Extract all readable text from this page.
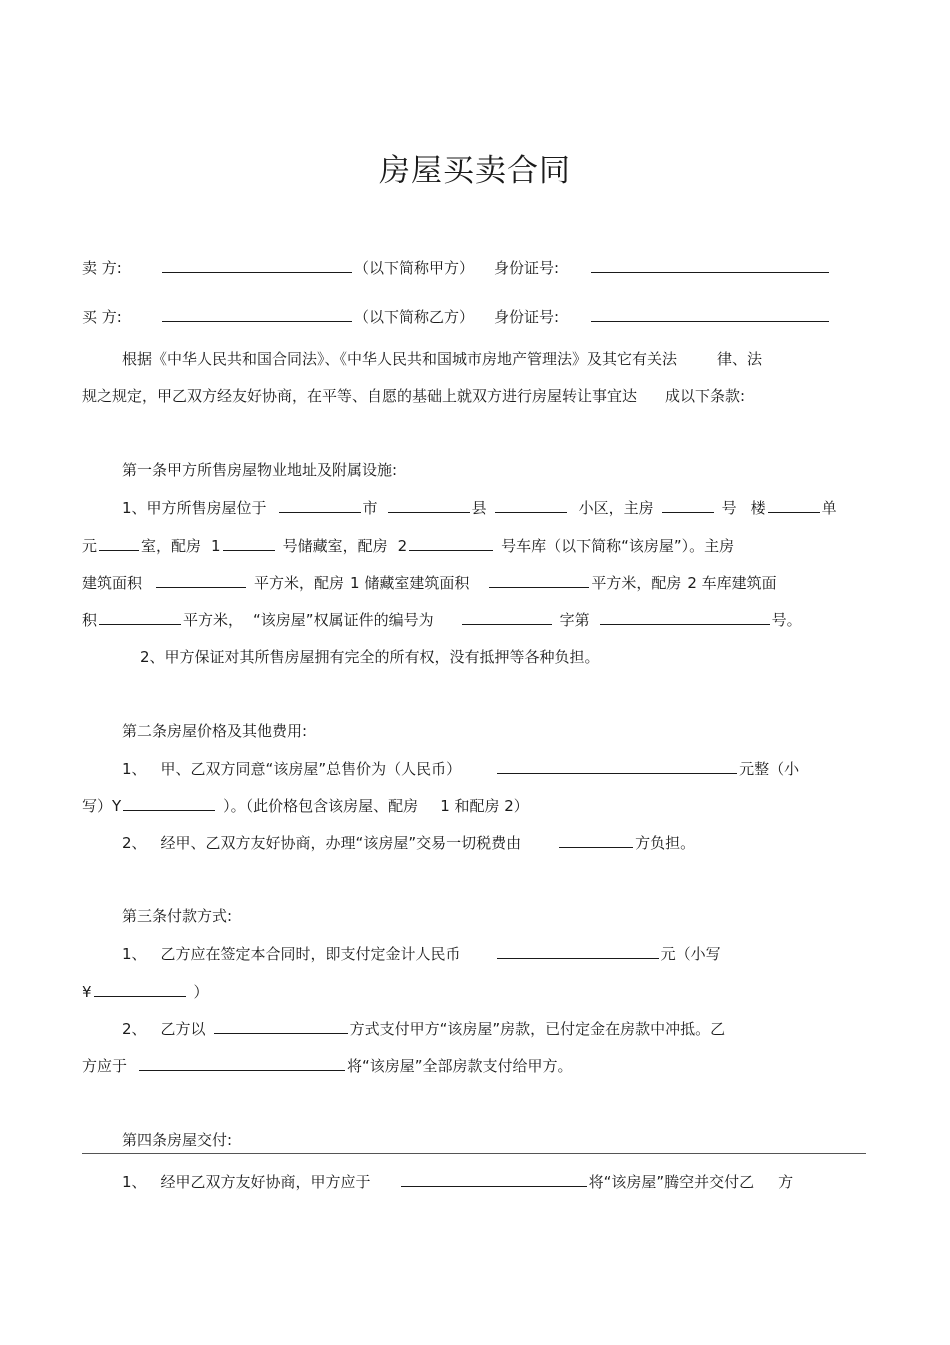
房屋买卖合同
卖 方:	（以下简称甲方） 身份证号:
买 方:	（以下简称乙方） 身份证号:
根据《中华人民共和国合同法》、《中华人民共和国城市房地产管理法》及其它有关法	律、法
规之规定，甲乙双方经友好协商，在平等、自愿的基础上就双方进行房屋转让事宜达 成以下条款:
第一条甲方所售房屋物业地址及附属设施:
1、甲方所售房屋位于	市	县	小区，主房	号 楼	单
元	室，配房 1	号储藏室，配房 2	号车库（以下简称“该房屋”）。主房
建筑面积	平方米，配房 1 储藏室建筑面积	平方米，配房 2 车库建筑面
积	平方米， “该房屋”权属证件的编号为	字第	号。
2、甲方保证对其所售房屋拥有完全的所有权，没有抵押等各种负担。
第二条房屋价格及其他费用:
1、 甲、乙双方同意“该房屋”总售价为（人民币）	元整（小
写）Y	）。（此价格包含该房屋、配房 1 和配房 2）
2、 经甲、乙双方友好协商，办理“该房屋”交易一切税费由	方负担。
第三条付款方式:
1、 乙方应在签定本合同时，即支付定金计人民币	元（小写
¥	）
2、 乙方以	方式支付甲方“该房屋”房款，已付定金在房款中冲抵。乙
方应于	将“该房屋”全部房款支付给甲方。
第四条房屋交付:
1、 经甲乙双方友好协商，甲方应于	将“该房屋”腾空并交付乙 方
